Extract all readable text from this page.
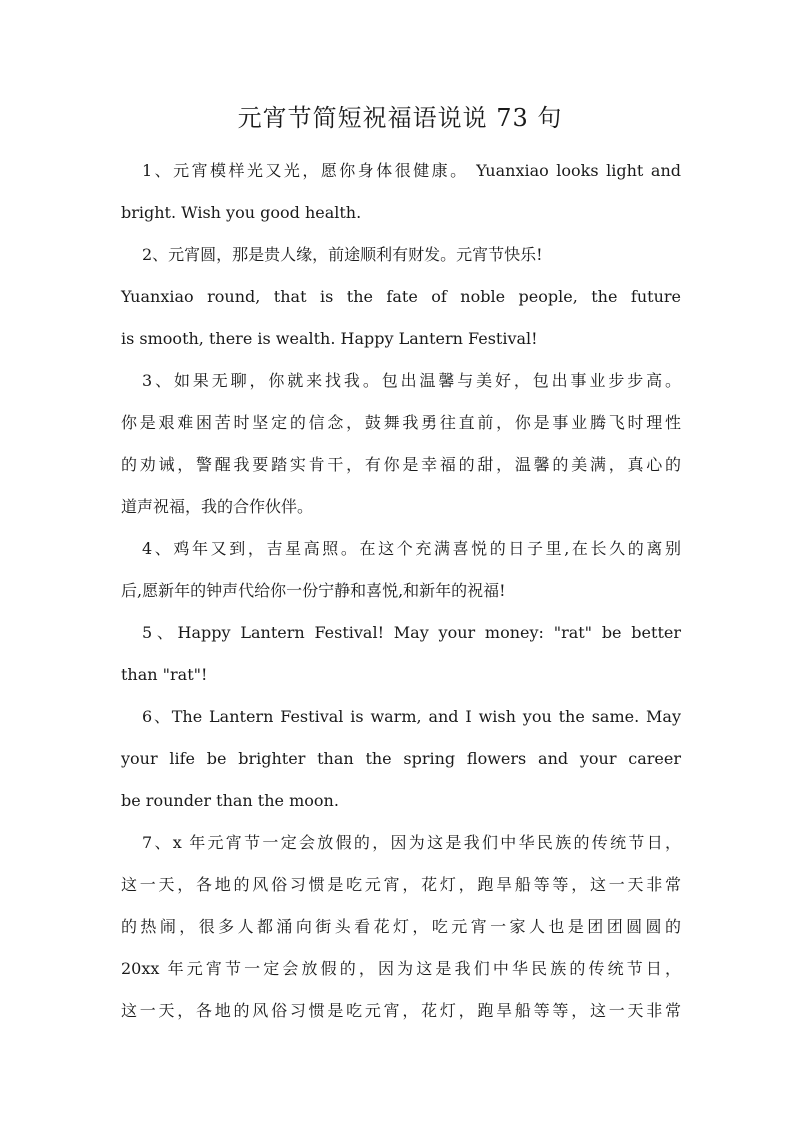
元宵节简短祝福语说说 73 句

1、元宵模样光又光，愿你身体很健康。 Yuanxiao looks light and
bright. Wish you good health.

2、元宵圆，那是贵人缘，前途顺利有财发。元宵节快乐!

Yuanxiao round, that is the fate of noble people, the future
is smooth, there is wealth. Happy Lantern Festival!

3、如果无聊，你就来找我。包出温馨与美好，包出事业步步高。
你是艰难困苦时坚定的信念，鼓舞我勇往直前，你是事业腾飞时理性
的劝诫，警醒我要踏实肯干，有你是幸福的甜，温馨的美满，真心的
道声祝福，我的合作伙伴。

4、鸡年又到，吉星高照。在这个充满喜悦的日子里,在长久的离别
后,愿新年的钟声代给你一份宁静和喜悦,和新年的祝福!

5、Happy Lantern Festival! May your money: "rat" be better
than "rat"!

6、The Lantern Festival is warm, and I wish you the same. May
your life be brighter than the spring flowers and your career
be rounder than the moon.

7、x 年元宵节一定会放假的，因为这是我们中华民族的传统节日，
这一天，各地的风俗习惯是吃元宵，花灯，跑旱船等等，这一天非常
的热闹，很多人都涌向街头看花灯，吃元宵一家人也是团团圆圆的
20xx 年元宵节一定会放假的，因为这是我们中华民族的传统节日，
这一天，各地的风俗习惯是吃元宵，花灯，跑旱船等等，这一天非常
